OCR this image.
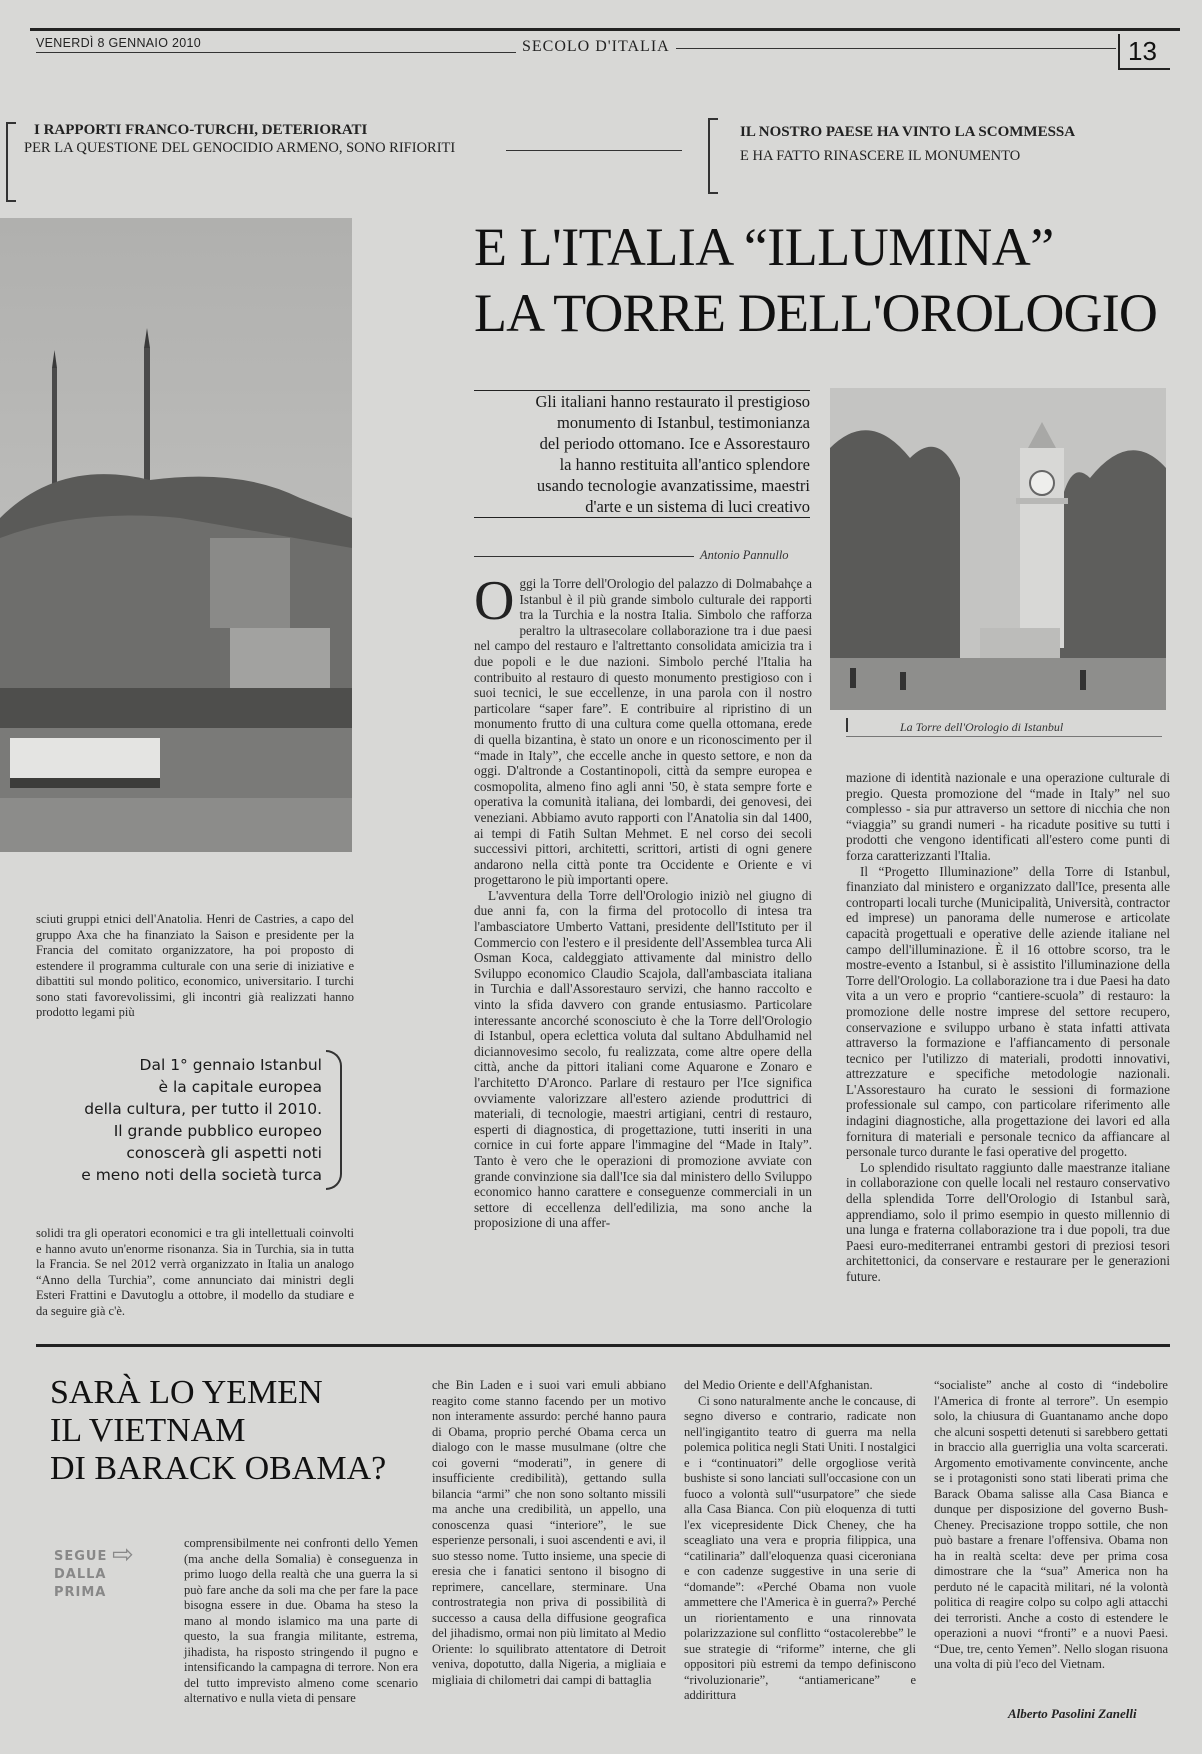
VENERDÌ 8 GENNAIO 2010	SECOLO D'ITALIA	13
I RAPPORTI FRANCO-TURCHI, DETERIORATI
PER LA QUESTIONE DEL GENOCIDIO ARMENO, SONO RIFIORITI
IL NOSTRO PAESE HA VINTO LA SCOMMESSA
E HA FATTO RINASCERE IL MONUMENTO
E L'ITALIA “ILLUMINA”
LA TORRE DELL'OROLOGIO
Gli italiani hanno restaurato il prestigioso
monumento di Istanbul, testimonianza
del periodo ottomano. Ice e Assorestauro
la hanno restituita all'antico splendore
usando tecnologie avanzatissime, maestri
d'arte e un sistema di luci creativo
Antonio Pannullo
La Torre dell'Orologio di Istanbul
sciuti gruppi etnici dell'Anatolia. Henri de Castries, a capo del gruppo Axa che ha finanziato la Saison e presidente per la Francia del comitato organizzatore, ha poi proposto di estendere il programma culturale con una serie di iniziative e dibattiti sul mondo politico, economico, universitario. I turchi sono stati favorevolissimi, gli incontri già realizzati hanno prodotto legami più
Dal 1° gennaio Istanbul
è la capitale europea
della cultura, per tutto il 2010.
Il grande pubblico europeo
conoscerà gli aspetti noti
e meno noti della società turca
solidi tra gli operatori economici e tra gli intellettuali coinvolti e hanno avuto un'enorme risonanza. Sia in Turchia, sia in tutta la Francia. Se nel 2012 verrà organizzato in Italia un analogo “Anno della Turchia”, come annunciato dai ministri degli Esteri Frattini e Davutoglu a ottobre, il modello da studiare e da seguire già c'è.
O ggi la Torre dell'Orologio del palazzo di Dolmabahçe a Istanbul è il più grande simbolo culturale dei rapporti tra la Turchia e la nostra Italia. Simbolo che rafforza peraltro la ultrasecolare collaborazione tra i due paesi nel campo del restauro e l'altrettanto consolidata amicizia tra i due popoli e le due nazioni. Simbolo perché l'Italia ha contribuito al restauro di questo monumento prestigioso con i suoi tecnici, le sue eccellenze, in una parola con il nostro particolare “saper fare”. E contribuire al ripristino di un monumento frutto di una cultura come quella ottomana, erede di quella bizantina, è stato un onore e un riconoscimento per il “made in Italy”, che eccelle anche in questo settore, e non da oggi. D'altronde a Costantinopoli, città da sempre europea e cosmopolita, almeno fino agli anni '50, è stata sempre forte e operativa la comunità italiana, dei lombardi, dei genovesi, dei veneziani. Abbiamo avuto rapporti con l'Anatolia sin dal 1400, ai tempi di Fatih Sultan Mehmet. E nel corso dei secoli successivi pittori, architetti, scrittori, artisti di ogni genere andarono nella città ponte tra Occidente e Oriente e vi progettarono le più importanti opere.

L'avventura della Torre dell'Orologio iniziò nel giugno di due anni fa, con la firma del protocollo di intesa tra l'ambasciatore Umberto Vattani, presidente dell'Istituto per il Commercio con l'estero e il presidente dell'Assemblea turca Ali Osman Koca, caldeggiato attivamente dal ministro dello Sviluppo economico Claudio Scajola, dall'ambasciata italiana in Turchia e dall'Assorestauro servizi, che hanno raccolto e vinto la sfida davvero con grande entusiasmo. Particolare interessante ancorché sconosciuto è che la Torre dell'Orologio di Istanbul, opera eclettica voluta dal sultano Abdulhamid nel diciannovesimo secolo, fu realizzata, come altre opere della città, anche da pittori italiani come Aquarone e Zonaro e l'architetto D'Aronco. Parlare di restauro per l'Ice significa ovviamente valorizzare all'estero aziende produttrici di materiali, di tecnologie, maestri artigiani, centri di restauro, esperti di diagnostica, di progettazione, tutti inseriti in una cornice in cui forte appare l'immagine del “Made in Italy”. Tanto è vero che le operazioni di promozione avviate con grande convinzione sia dall'Ice sia dal ministero dello Sviluppo economico hanno carattere e conseguenze commerciali in un settore di eccellenza dell'edilizia, ma sono anche la proposizione di una affer-

mazione di identità nazionale e una operazione culturale di pregio. Questa promozione del “made in Italy” nel suo complesso - sia pur attraverso un settore di nicchia che non “viaggia” su grandi numeri - ha ricadute positive su tutti i prodotti che vengono identificati all'estero come punti di forza caratterizzanti l'Italia.

Il “Progetto Illuminazione” della Torre di Istanbul, finanziato dal ministero e organizzato dall'Ice, presenta alle controparti locali turche (Municipalità, Università, contractor ed imprese) un panorama delle numerose e articolate capacità progettuali e operative delle aziende italiane nel campo dell'illuminazione. È il 16 ottobre scorso, tra le mostre-evento a Istanbul, si è assistito l'illuminazione della Torre dell'Orologio. La collaborazione tra i due Paesi ha dato vita a un vero e proprio “cantiere-scuola” di restauro: la promozione delle nostre imprese del settore recupero, conservazione e sviluppo urbano è stata infatti attivata attraverso la formazione e l'affiancamento di personale tecnico per l'utilizzo di materiali, prodotti innovativi, attrezzature e specifiche metodologie nazionali. L'Assorestauro ha curato le sessioni di formazione professionale sul campo, con particolare riferimento alle indagini diagnostiche, alla progettazione dei lavori ed alla fornitura di materiali e personale tecnico da affiancare al personale turco durante le fasi operative del progetto.

Lo splendido risultato raggiunto dalle maestranze italiane in collaborazione con quelle locali nel restauro conservativo della splendida Torre dell'Orologio di Istanbul sarà, apprendiamo, solo il primo esempio in questo millennio di una lunga e fraterna collaborazione tra i due popoli, tra due Paesi euro-mediterranei entrambi gestori di preziosi tesori architettonici, da conservare e restaurare per le generazioni future.

SARÀ LO YEMEN
IL VIETNAM
DI BARACK OBAMA?
SEGUE
DALLA
PRIMA
⇨	comprensibilmente nei confronti dello Yemen (ma anche della Somalia) è conseguenza in primo luogo della realtà che una guerra la si può fare anche da soli ma che per fare la pace bisogna essere in due. Obama ha steso la mano al mondo islamico ma una parte di questo, la sua frangia militante, estrema, jihadista, ha risposto stringendo il pugno e intensificando la campagna di terrore. Non era del tutto imprevisto almeno come scenario alternativo e nulla vieta di pensare
che Bin Laden e i suoi vari emuli abbiano reagito come stanno facendo per un motivo non interamente assurdo: perché hanno paura di Obama, proprio perché Obama cerca un dialogo con le masse musulmane (oltre che coi governi “moderati”, in genere di insufficiente credibilità), gettando sulla bilancia “armi” che non sono soltanto missili ma anche una credibilità, un appello, una conoscenza quasi “interiore”, le sue esperienze personali, i suoi ascendenti e avi, il suo stesso nome. Tutto insieme, una specie di eresia che i fanatici sentono il bisogno di reprimere, cancellare, sterminare. Una controstrategia non priva di possibilità di successo a causa della diffusione geografica del jihadismo, ormai non più limitato al Medio Oriente: lo squilibrato attentatore di Detroit veniva, dopotutto, dalla Nigeria, a migliaia e migliaia di chilometri dai campi di battaglia

del Medio Oriente e dell'Afghanistan.

Ci sono naturalmente anche le concause, di segno diverso e contrario, radicate non nell'ingigantito teatro di guerra ma nella polemica politica negli Stati Uniti. I nostalgici e i “continuatori” delle orgogliose verità bushiste si sono lanciati sull'occasione con un fuoco a volontà sull'“usurpatore” che siede alla Casa Bianca. Con più eloquenza di tutti l'ex vicepresidente Dick Cheney, che ha sceagliato una vera e propria filippica, una “catilinaria” dall'eloquenza quasi ciceroniana e con cadenze suggestive in una serie di “domande”: «Perché Obama non vuole ammettere che l'America è in guerra?» Perché un riorientamento e una rinnovata polarizzazione sul conflitto “ostacolerebbe” le sue strategie di “riforme” interne, che gli oppositori più estremi da tempo definiscono “rivoluzionarie”, “antiamericane” e addirittura

“socialiste” anche al costo di “indebolire l'America di fronte al terrore”. Un esempio solo, la chiusura di Guantanamo anche dopo che alcuni sospetti detenuti si sarebbero gettati in braccio alla guerriglia una volta scarcerati. Argomento emotivamente convincente, anche se i protagonisti sono stati liberati prima che Barack Obama salisse alla Casa Bianca e dunque per disposizione del governo Bush-Cheney. Precisazione troppo sottile, che non può bastare a frenare l'offensiva. Obama non ha in realtà scelta: deve per prima cosa dimostrare che la “sua” America non ha perduto né le capacità militari, né la volontà politica di reagire colpo su colpo agli attacchi dei terroristi. Anche a costo di estendere le operazioni a nuovi “fronti” e a nuovi Paesi. “Due, tre, cento Yemen”. Nello slogan risuona una volta di più l'eco del Vietnam.
Alberto Pasolini Zanelli
